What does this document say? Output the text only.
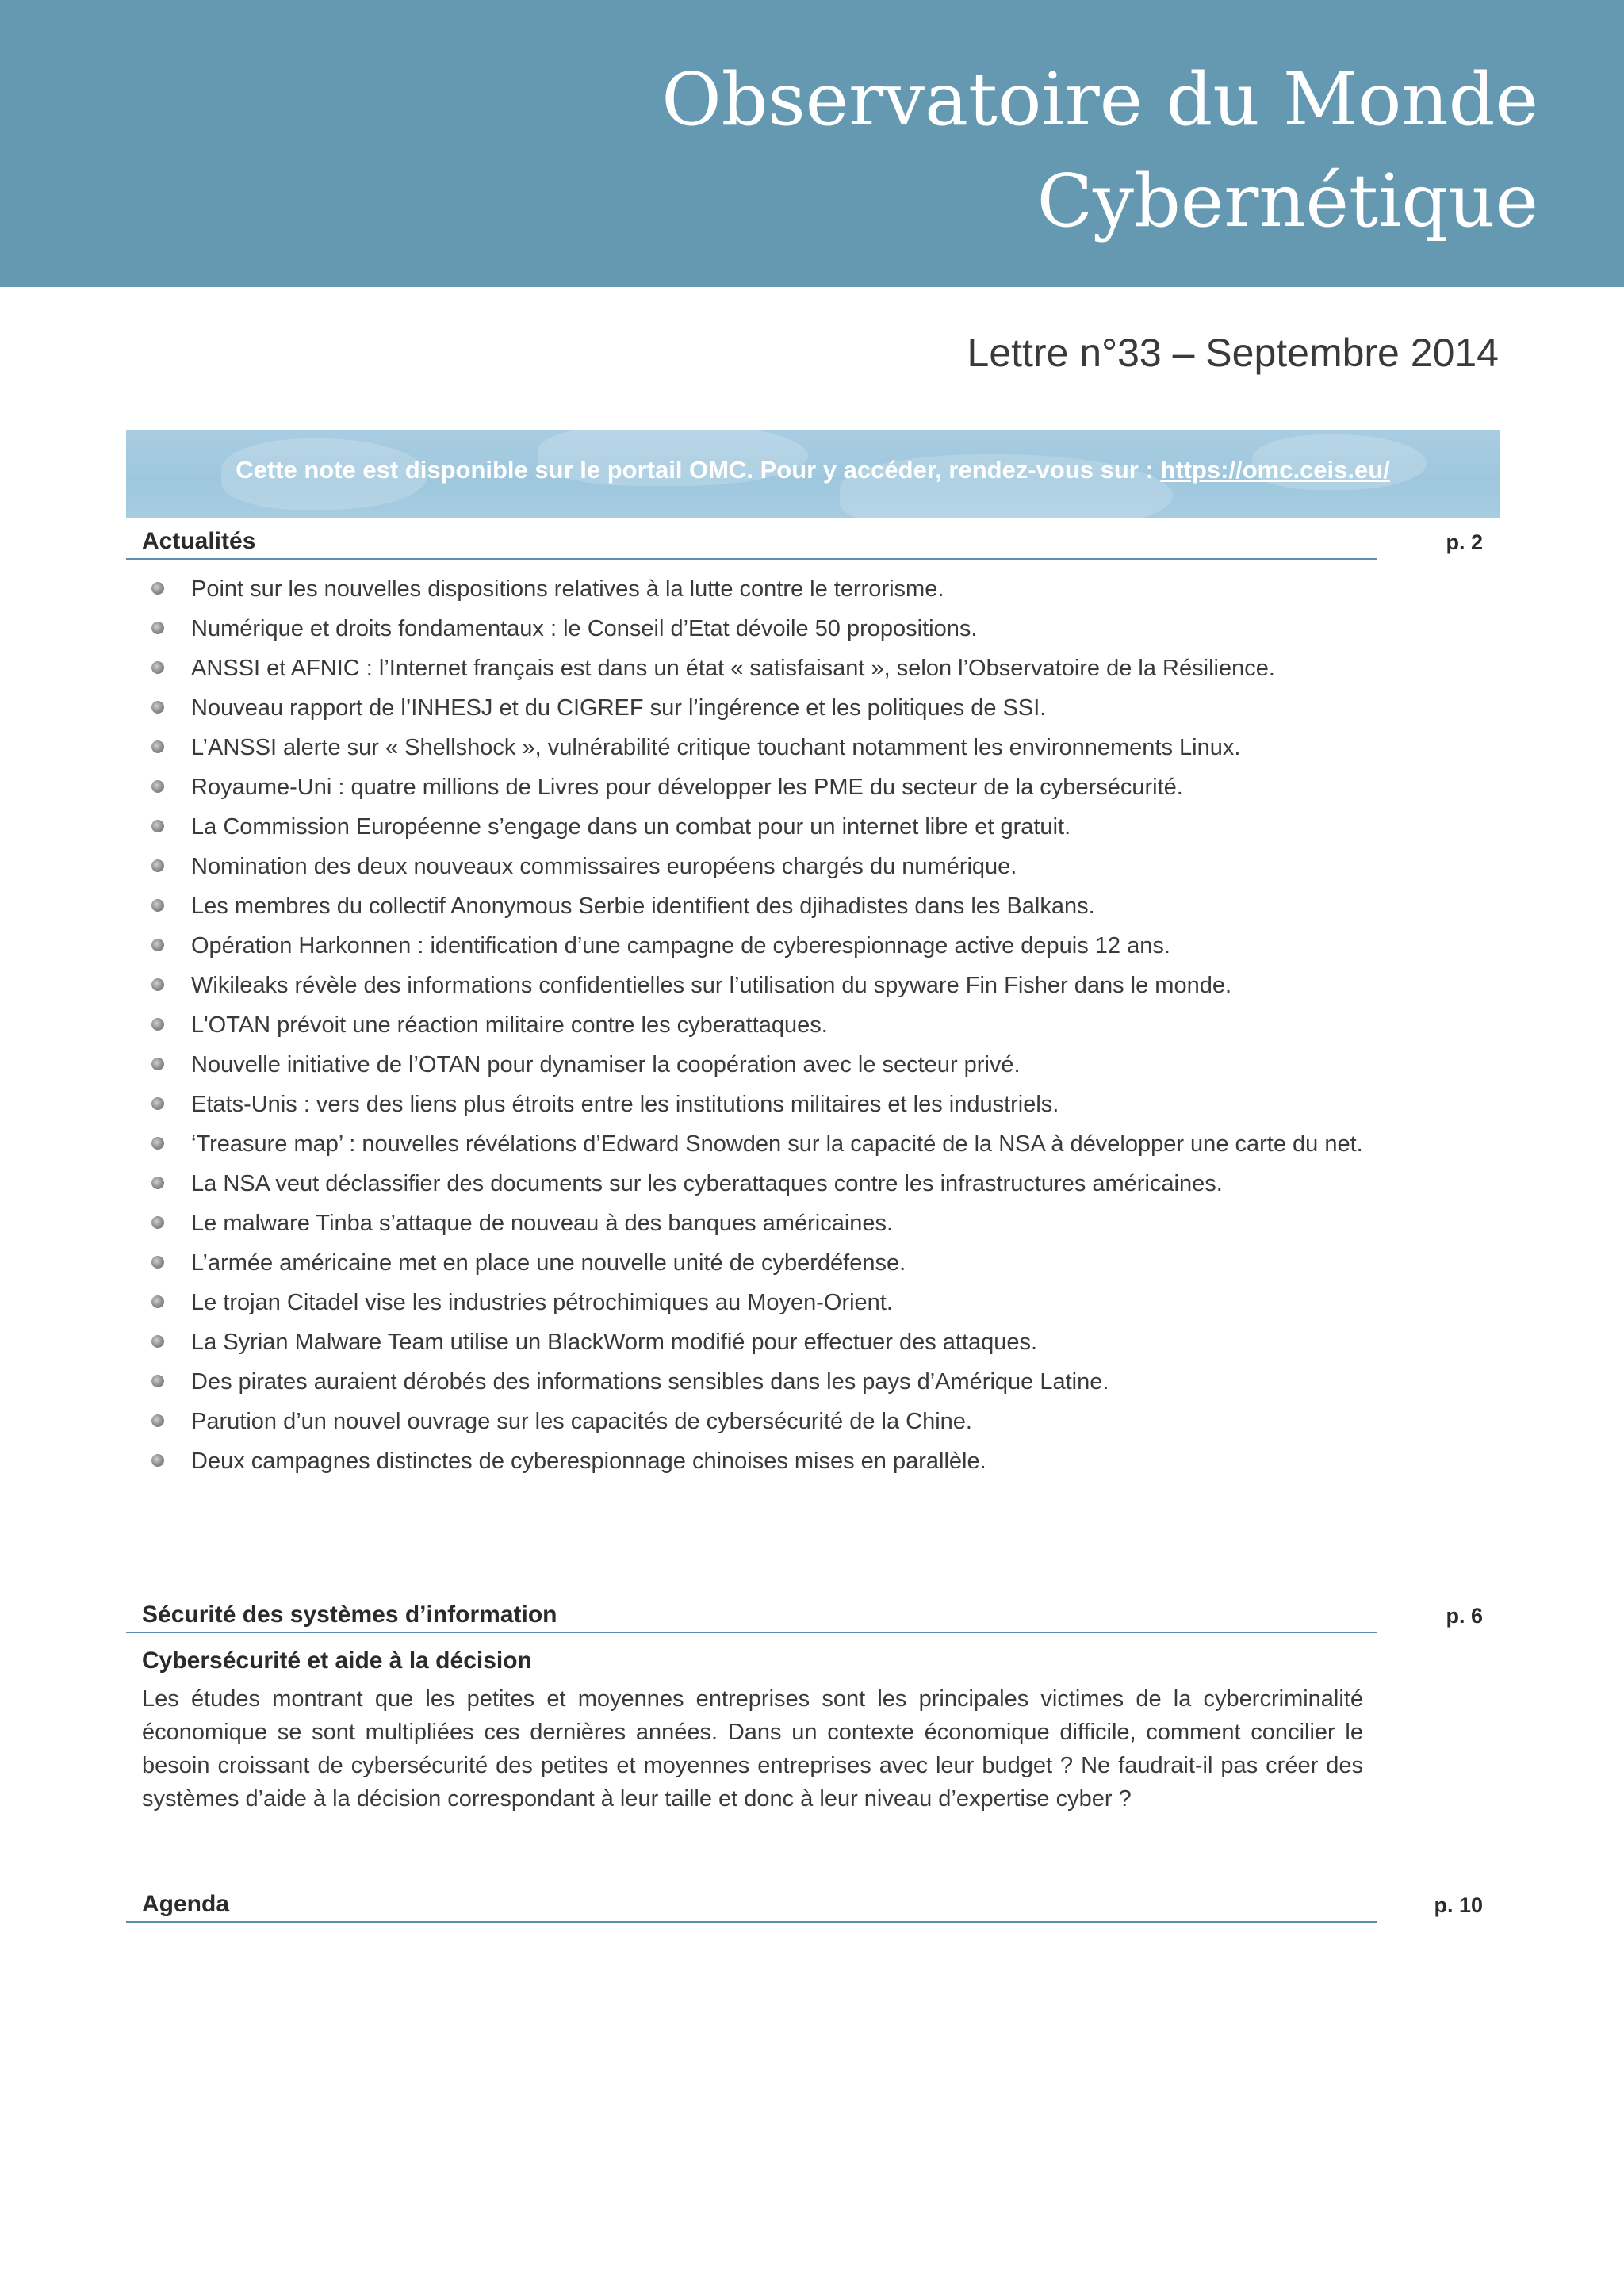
Observatoire du Monde
Cybernétique
Lettre n°33 – Septembre 2014
Cette note est disponible sur le portail OMC. Pour y accéder, rendez-vous sur : https://omc.ceis.eu/
Actualités	p. 2
Point sur les nouvelles dispositions relatives à la lutte contre le terrorisme.
Numérique et droits fondamentaux : le Conseil d’Etat dévoile 50 propositions.
ANSSI et AFNIC : l’Internet français est dans un état « satisfaisant », selon l’Observatoire de la Résilience.
Nouveau rapport de l’INHESJ et du CIGREF sur l’ingérence et les politiques de SSI.
L’ANSSI alerte sur « Shellshock », vulnérabilité critique touchant notamment les environnements Linux.
Royaume-Uni : quatre millions de Livres pour développer les PME du secteur de la cybersécurité.
La Commission Européenne s’engage dans un combat pour un internet libre et gratuit.
Nomination des deux nouveaux commissaires européens chargés du numérique.
Les membres du collectif Anonymous Serbie identifient des djihadistes dans les Balkans.
Opération Harkonnen : identification d’une campagne de cyberespionnage active depuis 12 ans.
Wikileaks révèle des informations confidentielles sur l’utilisation du spyware Fin Fisher dans le monde.
L'OTAN prévoit une réaction militaire contre les cyberattaques.
Nouvelle initiative de l’OTAN pour dynamiser la coopération avec le secteur privé.
Etats-Unis : vers des liens plus étroits entre les institutions militaires et les industriels.
‘Treasure map’ : nouvelles révélations d’Edward Snowden sur la capacité de la NSA à développer une carte du net.
La NSA veut déclassifier des documents sur les cyberattaques contre les infrastructures américaines.
Le malware Tinba s’attaque de nouveau à des banques américaines.
L’armée américaine met en place une nouvelle unité de cyberdéfense.
Le trojan Citadel vise les industries pétrochimiques au Moyen-Orient.
La Syrian Malware Team utilise un BlackWorm modifié pour effectuer des attaques.
Des pirates auraient dérobés des informations sensibles dans les pays d’Amérique Latine.
Parution d’un nouvel ouvrage sur les capacités de cybersécurité de la Chine.
Deux campagnes distinctes de cyberespionnage chinoises mises en parallèle.
Sécurité des systèmes d’information	p. 6
Cybersécurité et aide à la décision

Les études montrant que les petites et moyennes entreprises sont les principales victimes de la cybercriminalité économique se sont multipliées ces dernières années. Dans un contexte économique difficile, comment concilier le besoin croissant de cybersécurité des petites et moyennes entreprises avec leur budget ? Ne faudrait-il pas créer des systèmes d’aide à la décision correspondant à leur taille et donc à leur niveau d’expertise cyber ?

Agenda	p. 10
